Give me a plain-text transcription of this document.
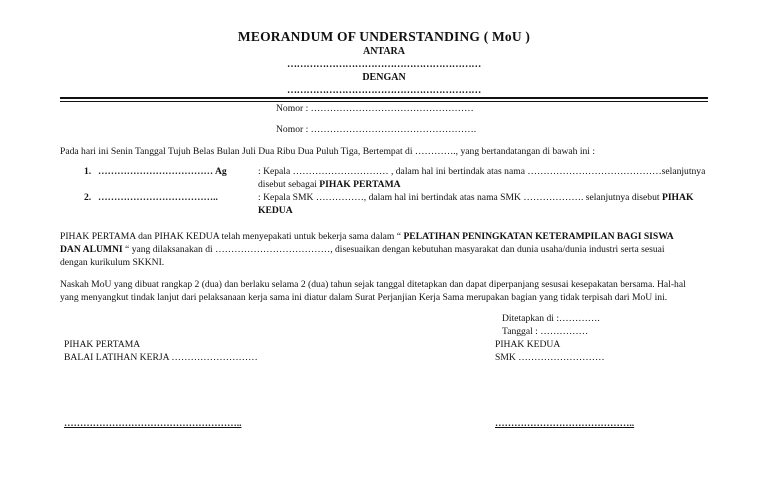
MEORANDUM OF UNDERSTANDING ( MoU )
ANTARA
……………………………………………………
DENGAN
……………………………………………………
Nomor : ……………………………………………
Nomor : …………………………………………….
Pada hari ini Senin Tanggal Tujuh Belas Bulan Juli Dua Ribu Dua Puluh Tiga, Bertempat di …………., yang bertandatangan di bawah ini :
1. ……………………………… Ag	: Kepala ………………………… , dalam hal ini bertindak atas nama ……………………………………selanjutnya
disebut sebagai PIHAK PERTAMA
2. ………………………………..	: Kepala SMK ……………, dalam hal ini bertindak atas nama SMK ………………. selanjutnya disebut PIHAK
KEDUA
PIHAK PERTAMA dan PIHAK KEDUA telah menyepakati untuk bekerja sama dalam “ PELATIHAN PENINGKATAN KETERAMPILAN BAGI SISWA
DAN ALUMNI “ yang dilaksanakan di ………………………………, disesuaikan dengan kebutuhan masyarakat dan dunia usaha/dunia industri serta sesuai
dengan kurikulum SKKNI.
Naskah MoU yang dibuat rangkap 2 (dua) dan berlaku selama 2 (dua) tahun sejak tanggal ditetapkan dan dapat diperpanjang sesusai kesepakatan bersama. Hal-hal
yang menyangkut tindak lanjut dari pelaksanaan kerja sama ini diatur dalam Surat Perjanjian Kerja Sama merupakan bagian yang tidak terpisah dari MoU ini.
Ditetapkan di :………….
Tanggal : ……………
PIHAK PERTAMA
BALAI LATIHAN KERJA ………………………
PIHAK KEDUA
SMK ………………………
………………………………………………..	……………………………………..
